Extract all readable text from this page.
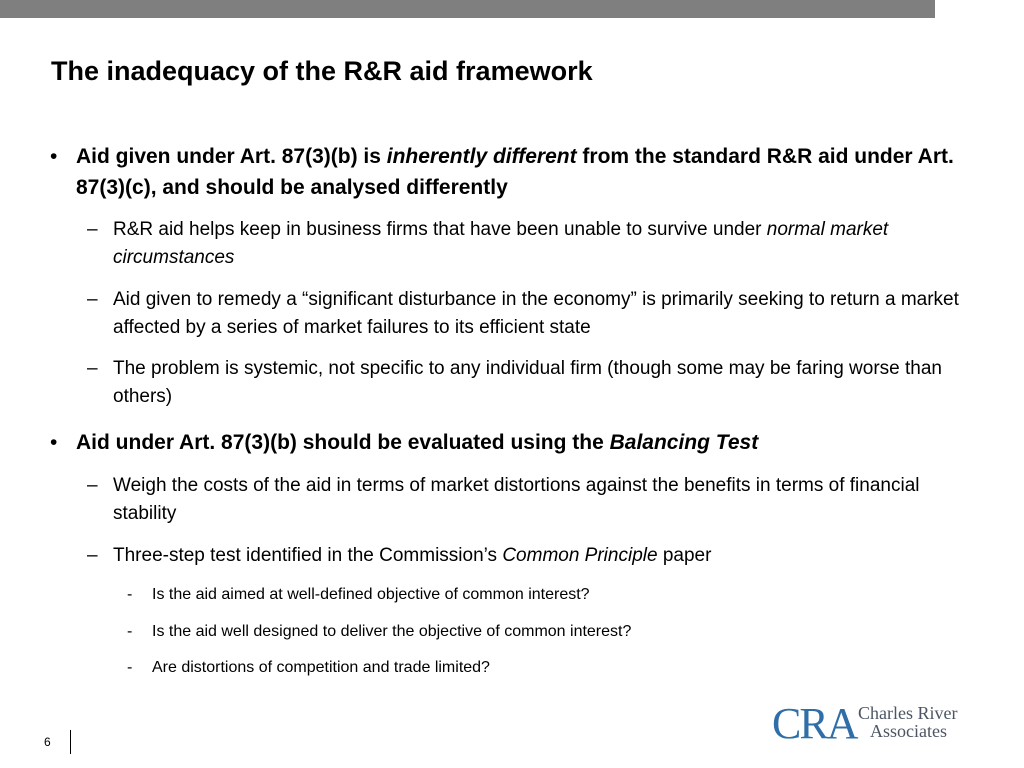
The inadequacy of the R&R aid framework
• Aid given under Art. 87(3)(b) is inherently different from the standard R&R aid under Art. 87(3)(c), and should be analysed differently
– R&R aid helps keep in business firms that have been unable to survive under normal market circumstances
– Aid given to remedy a “significant disturbance in the economy” is primarily seeking to return a market affected by a series of market failures to its efficient state
– The problem is systemic, not specific to any individual firm (though some may be faring worse than others)
• Aid under Art. 87(3)(b) should be evaluated using the Balancing Test
– Weigh the costs of the aid in terms of market distortions against the benefits in terms of financial stability
– Three-step test identified in the Commission’s Common Principle paper
- Is the aid aimed at well-defined objective of common interest?
- Is the aid well designed to deliver the objective of common interest?
- Are distortions of competition and trade limited?
6	CRA Charles River
Associates
